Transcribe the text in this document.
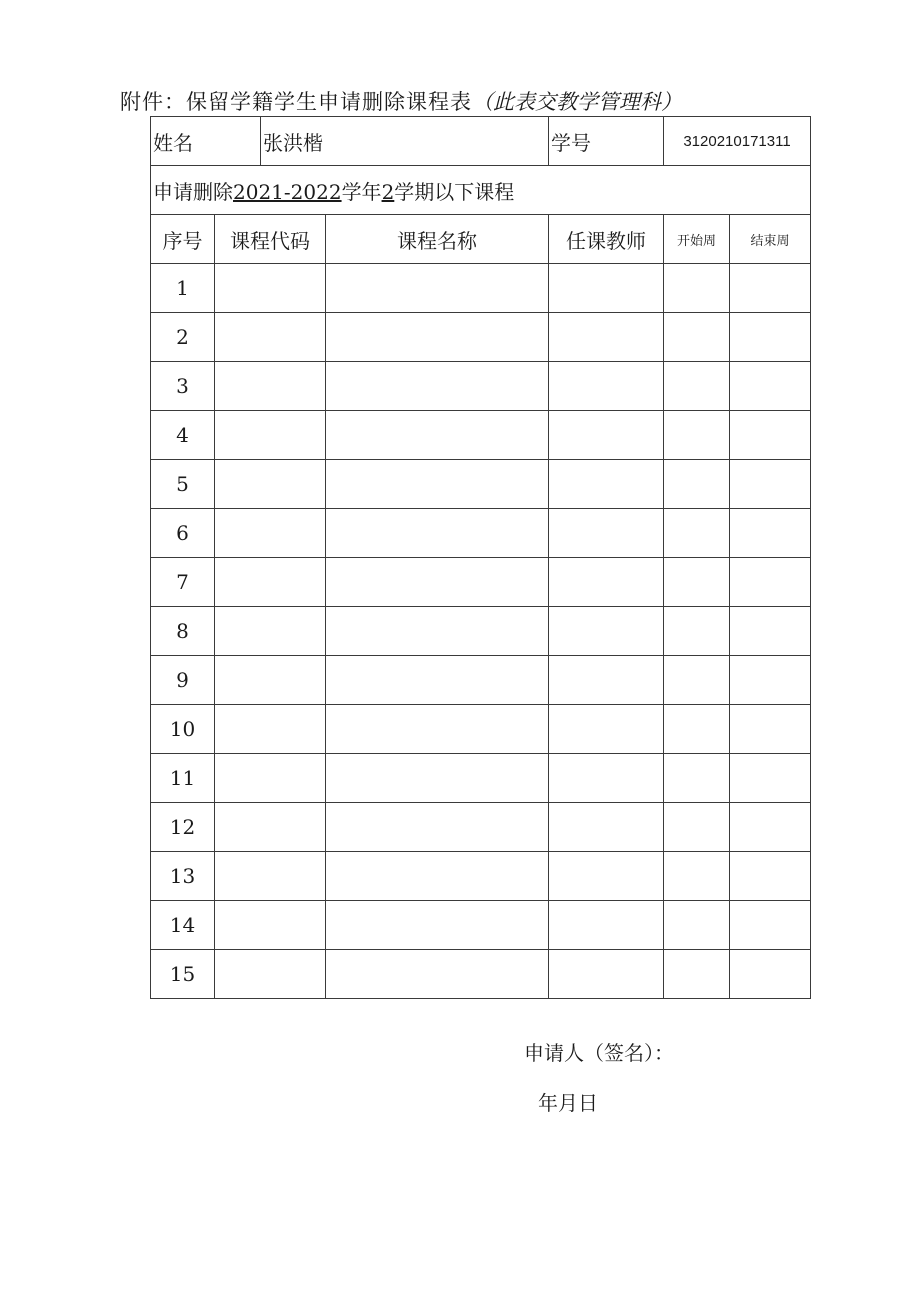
附件：保留学籍学生申请删除课程表（此表交教学管理科）
姓名		张洪楷		学号	3120210171311	
申请删除2021-2022学年2学期以下课程						
序号	课程代码		课程名称	任课教师	开始周	结束周
1						
2						
3						
4						
5						
6						
7						
8						
9						
10						
11						
12						
13						
14						
15						
申请人（签名）：
年月日
